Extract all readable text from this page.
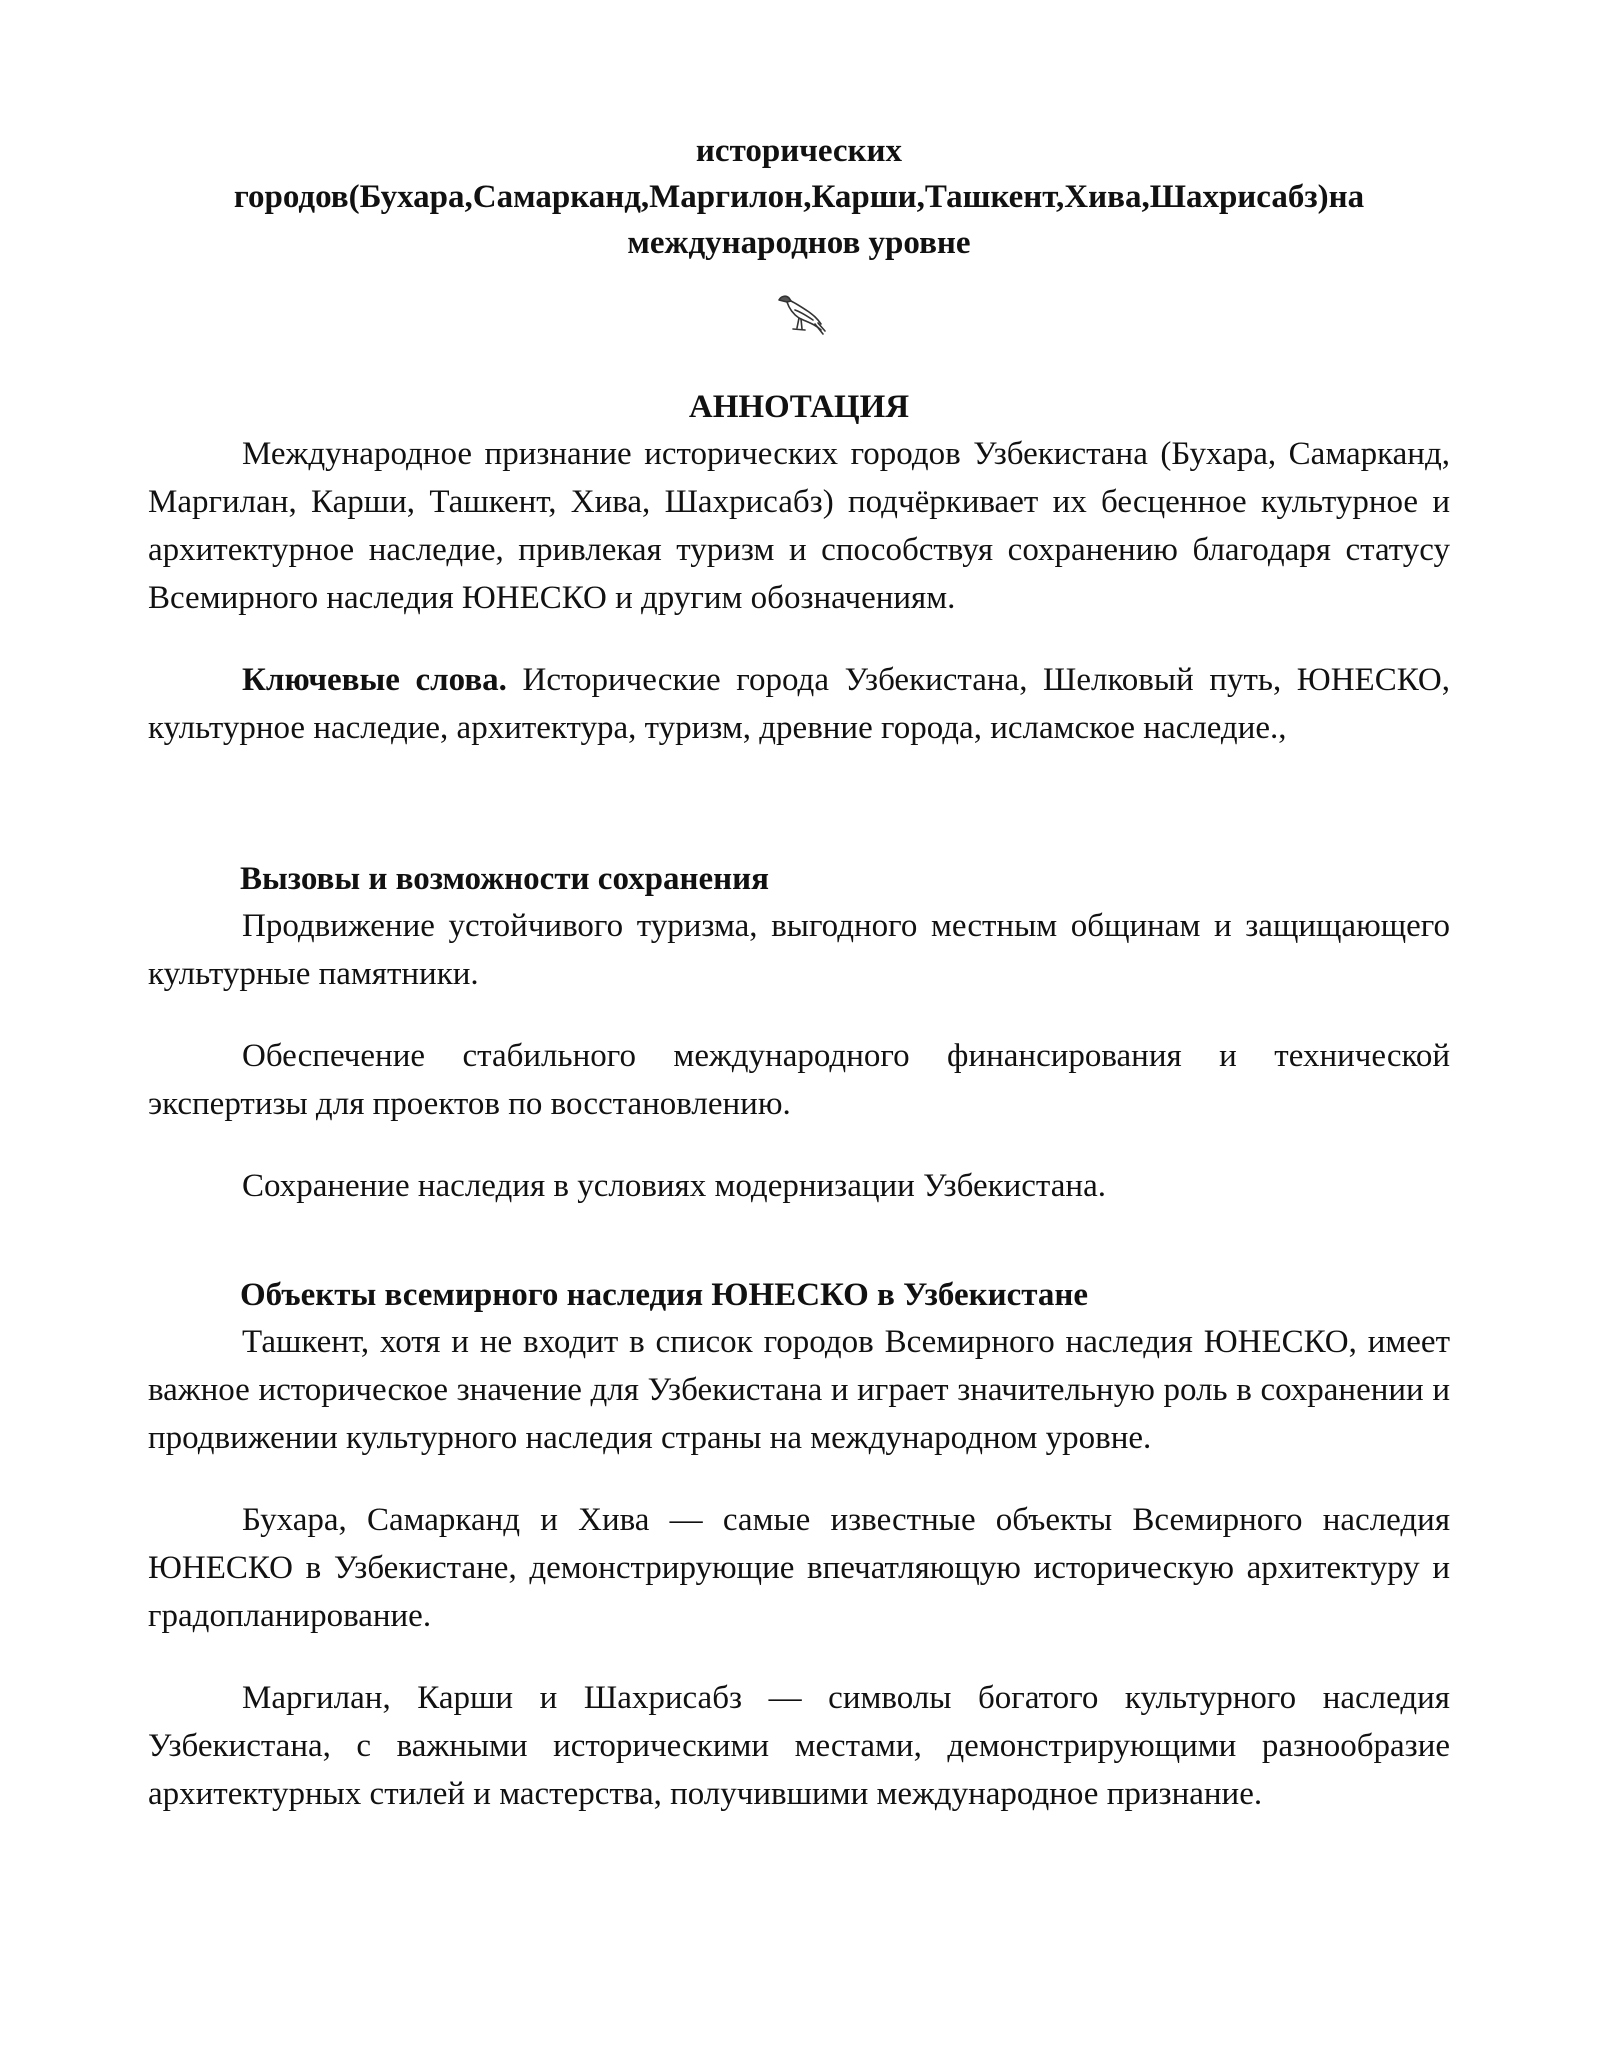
исторических
городов(Бухара,Самарканд,Маргилон,Карши,Ташкент,Хива,Шахрисабз)на
международнов уровне
АННОТАЦИЯ

Международное признание исторических городов Узбекистана (Бухара, Самарканд, Маргилан, Карши, Ташкент, Хива, Шахрисабз) подчёркивает их бесценное культурное и архитектурное наследие, привлекая туризм и способствуя сохранению благодаря статусу Всемирного наследия ЮНЕСКО и другим обозначениям.

Ключевые слова. Исторические города Узбекистана, Шелковый путь, ЮНЕСКО, культурное наследие, архитектура, туризм, древние города, исламское наследие.,

Вызовы и возможности сохранения

Продвижение устойчивого туризма, выгодного местным общинам и защищающего культурные памятники.

Обеспечение стабильного международного финансирования и технической экспертизы для проектов по восстановлению.

Сохранение наследия в условиях модернизации Узбекистана.

Объекты всемирного наследия ЮНЕСКО в Узбекистане

Ташкент, хотя и не входит в список городов Всемирного наследия ЮНЕСКО, имеет важное историческое значение для Узбекистана и играет значительную роль в сохранении и продвижении культурного наследия страны на международном уровне.

Бухара, Самарканд и Хива — самые известные объекты Всемирного наследия ЮНЕСКО в Узбекистане, демонстрирующие впечатляющую историческую архитектуру и градопланирование.

Маргилан, Карши и Шахрисабз — символы богатого культурного наследия Узбекистана, с важными историческими местами, демонстрирующими разнообразие архитектурных стилей и мастерства, получившими международное признание.
